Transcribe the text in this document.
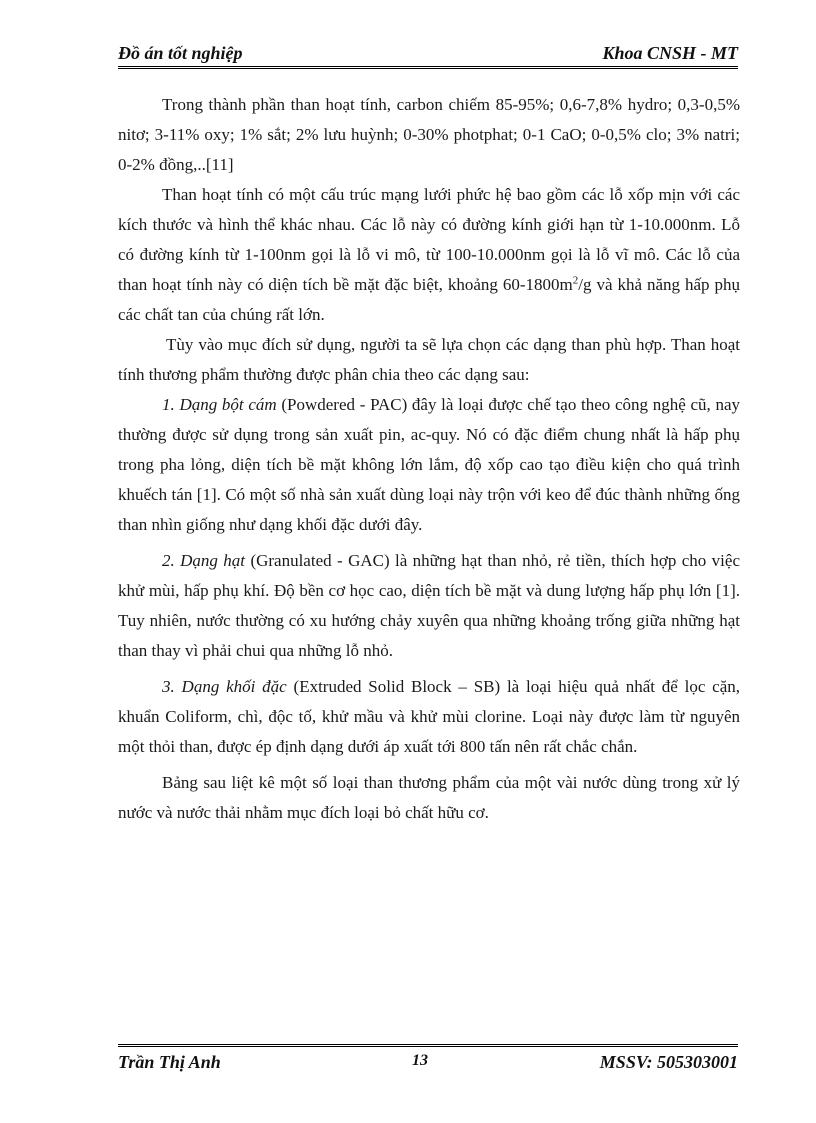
Đồ án tốt nghiệp	Khoa CNSH - MT

Trong thành phần than hoạt tính, carbon chiếm 85-95%; 0,6-7,8% hydro; 0,3-0,5% nitơ; 3-11% oxy; 1% sắt; 2% lưu huỳnh; 0-30% photphat; 0-1 CaO; 0-0,5% clo; 3% natri; 0-2% đồng,..[11]

Than hoạt tính có một cấu trúc mạng lưới phức hệ bao gồm các lỗ xốp mịn với các kích thước và hình thể khác nhau. Các lỗ này có đường kính giới hạn từ 1-10.000nm. Lỗ có đường kính từ 1-100nm gọi là lỗ vi mô, từ 100-10.000nm gọi là lỗ vĩ mô. Các lỗ của than hoạt tính này có diện tích bề mặt đặc biệt, khoảng $60-1800m^2/g$ và khả năng hấp phụ các chất tan của chúng rất lớn.

Tùy vào mục đích sử dụng, người ta sẽ lựa chọn các dạng than phù hợp. Than hoạt tính thương phẩm thường được phân chia theo các dạng sau:

1. Dạng bột cám (Powdered - PAC) đây là loại được chế tạo theo công nghệ cũ, nay thường được sử dụng trong sản xuất pin, ac-quy. Nó có đặc điểm chung nhất là hấp phụ trong pha lỏng, diện tích bề mặt không lớn lắm, độ xốp cao tạo điều kiện cho quá trình khuếch tán [1]. Có một số nhà sản xuất dùng loại này trộn với keo để đúc thành những ống than nhìn giống như dạng khối đặc dưới đây.

2. Dạng hạt (Granulated - GAC) là những hạt than nhỏ, rẻ tiền, thích hợp cho việc khử mùi, hấp phụ khí. Độ bền cơ học cao, diện tích bề mặt và dung lượng hấp phụ lớn [1]. Tuy nhiên, nước thường có xu hướng chảy xuyên qua những khoảng trống giữa những hạt than thay vì phải chui qua những lỗ nhỏ.

3. Dạng khối đặc (Extruded Solid Block – SB) là loại hiệu quả nhất để lọc cặn, khuẩn Coliform, chì, độc tố, khử mầu và khử mùi clorine. Loại này được làm từ nguyên một thỏi than, được ép định dạng dưới áp xuất tới 800 tấn nên rất chắc chắn.

Bảng sau liệt kê một số loại than thương phẩm của một vài nước dùng trong xử lý nước và nước thải nhằm mục đích loại bỏ chất hữu cơ.

Trần Thị Anh	13	MSSV: 505303001
